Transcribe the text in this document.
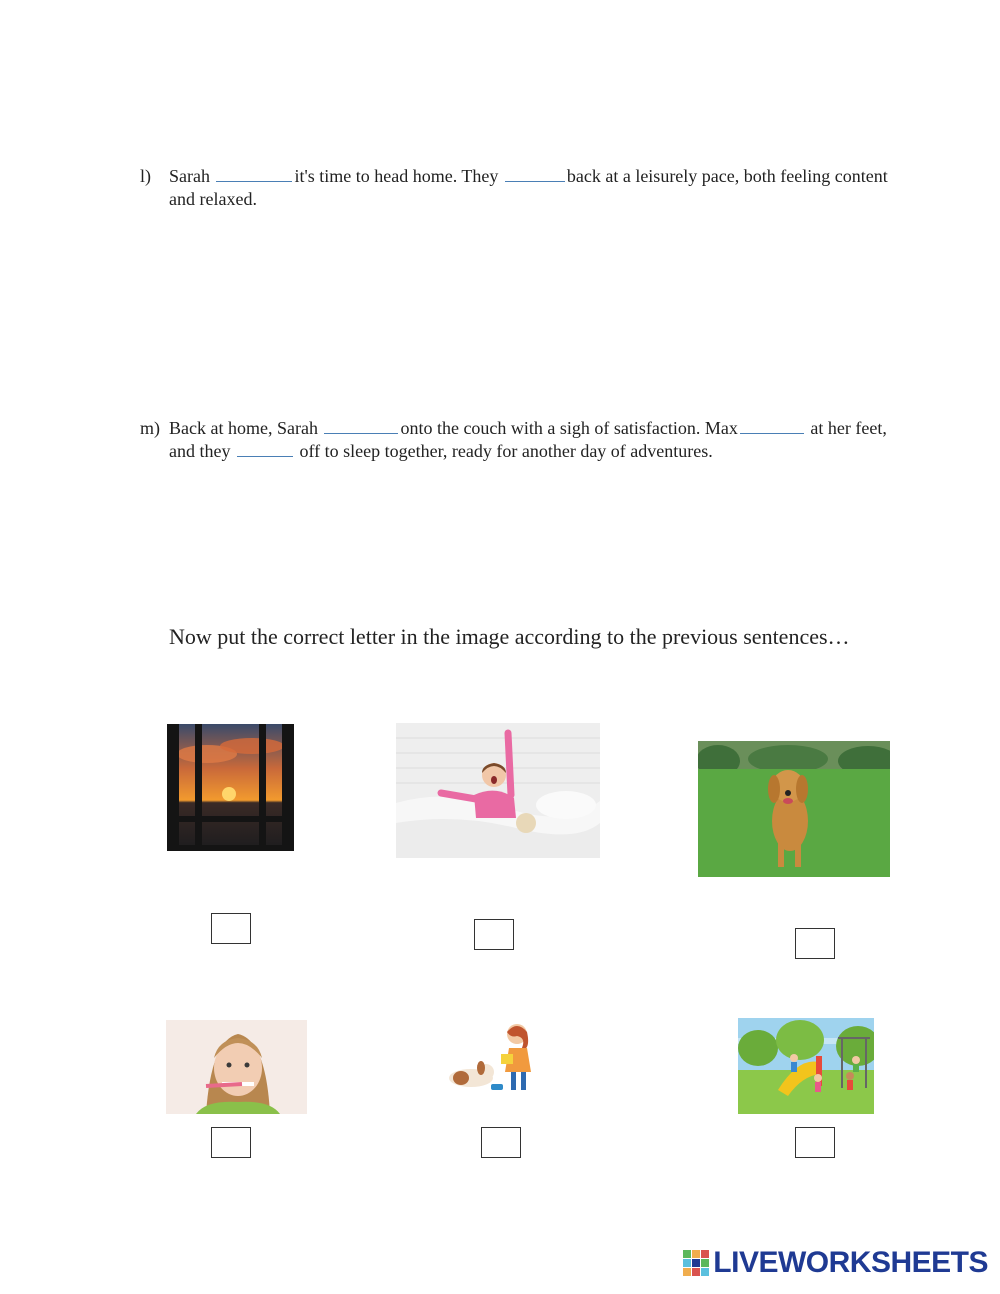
l) Sarah	it's time to head home. They	back at a leisurely pace, both feeling content and relaxed.
m) Back at home, Sarah	onto the couch with a sigh of satisfaction. Max	at her feet, and they	off to sleep together, ready for another day of adventures.
Now put the correct letter in the image according to the previous sentences…
LIVEWORKSHEETS
